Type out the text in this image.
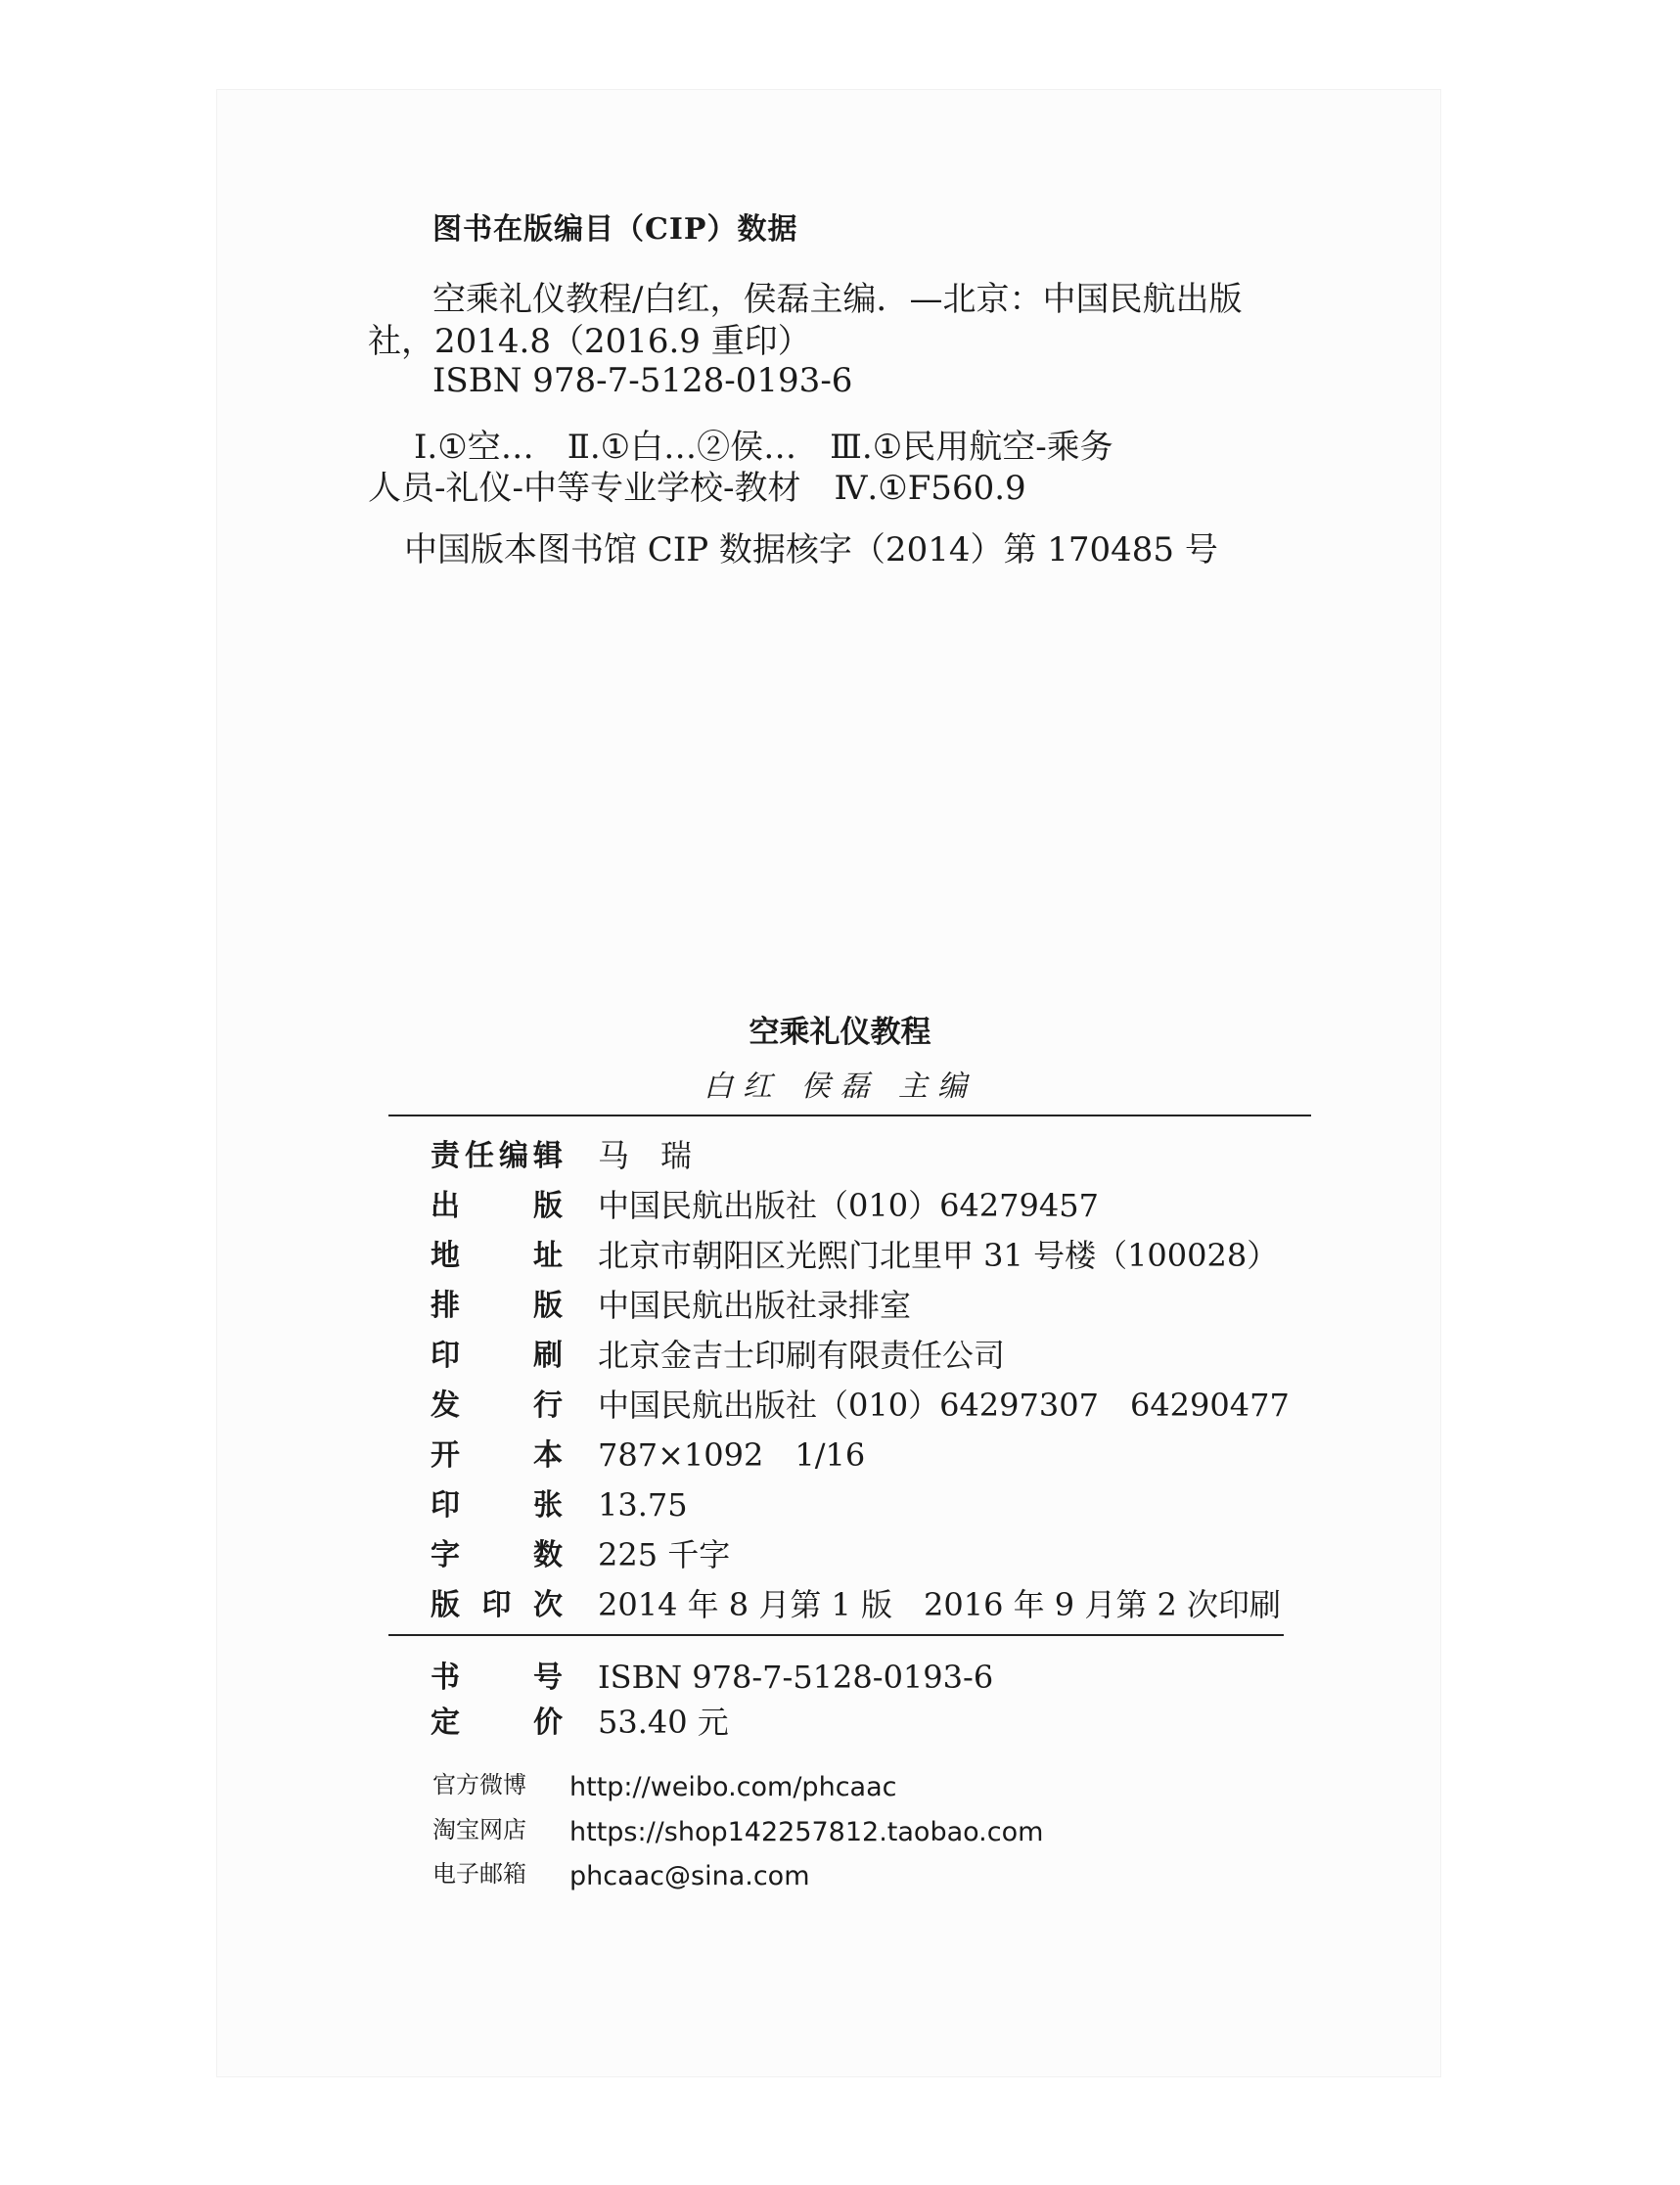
图书在版编目（CIP）数据
空乘礼仪教程/白红，侯磊主编．—北京：中国民航出版
社，2014.8（2016.9 重印）
ISBN 978-7-5128-0193-6
Ⅰ.①空…　Ⅱ.①白…②侯…　Ⅲ.①民用航空-乘务
人员-礼仪-中等专业学校-教材　Ⅳ.①F560.9
中国版本图书馆 CIP 数据核字（2014）第 170485 号
空乘礼仪教程
白红 侯磊 主编
责 任 编 辑 马　瑞
出	版 中国民航出版社（010）64279457
地	址 北京市朝阳区光熙门北里甲 31 号楼（100028）
排	版 中国民航出版社录排室
印	刷 北京金吉士印刷有限责任公司
发	行 中国民航出版社（010）64297307　64290477
开	本 787×1092　1/16
印	张 13.75
字	数 225 千字
版 印 次 2014 年 8 月第 1 版　2016 年 9 月第 2 次印刷
书	号 ISBN 978-7-5128-0193-6
定	价 53.40 元
官方微博 http://weibo.com/phcaac
淘宝网店 https://shop142257812.taobao.com
电子邮箱 phcaac@sina.com
